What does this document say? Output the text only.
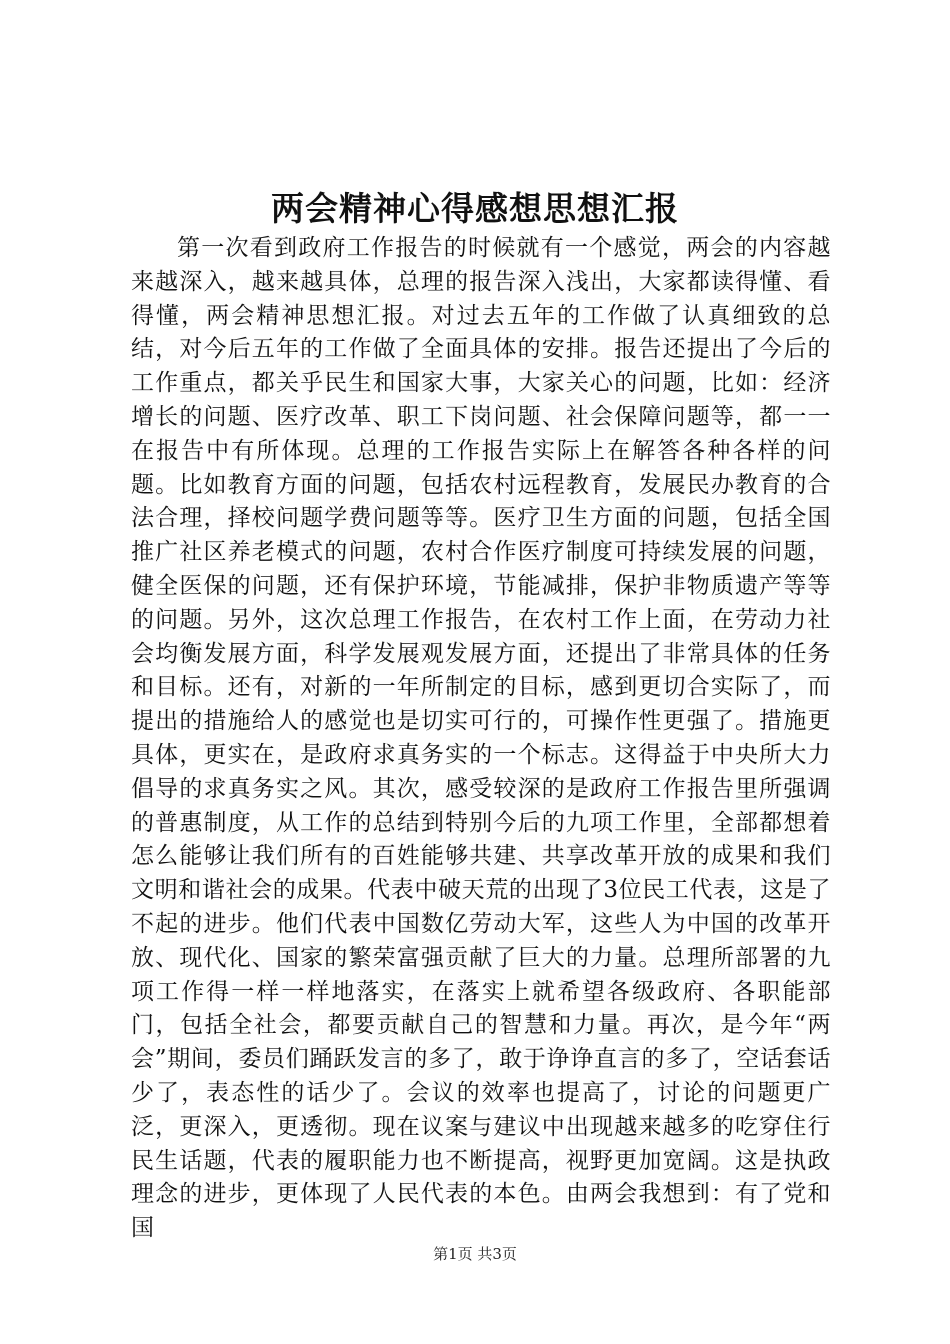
两会精神心得感想思想汇报

第一次看到政府工作报告的时候就有一个感觉，两会的内容越来越深入，越来越具体，总理的报告深入浅出，大家都读得懂、看得懂，两会精神思想汇报。对过去五年的工作做了认真细致的总结，对今后五年的工作做了全面具体的安排。报告还提出了今后的工作重点，都关乎民生和国家大事，大家关心的问题，比如：经济增长的问题、医疗改革、职工下岗问题、社会保障问题等，都一一在报告中有所体现。总理的工作报告实际上在解答各种各样的问题。比如教育方面的问题，包括农村远程教育，发展民办教育的合法合理，择校问题学费问题等等。医疗卫生方面的问题，包括全国推广社区养老模式的问题，农村合作医疗制度可持续发展的问题，健全医保的问题，还有保护环境，节能减排，保护非物质遗产等等的问题。另外，这次总理工作报告，在农村工作上面，在劳动力社会均衡发展方面，科学发展观发展方面，还提出了非常具体的任务和目标。还有，对新的一年所制定的目标，感到更切合实际了，而提出的措施给人的感觉也是切实可行的，可操作性更强了。措施更具体，更实在，是政府求真务实的一个标志。这得益于中央所大力倡导的求真务实之风。其次，感受较深的是政府工作报告里所强调的普惠制度，从工作的总结到特别今后的九项工作里，全部都想着怎么能够让我们所有的百姓能够共建、共享改革开放的成果和我们文明和谐社会的成果。代表中破天荒的出现了3位民工代表，这是了不起的进步。他们代表中国数亿劳动大军，这些人为中国的改革开放、现代化、国家的繁荣富强贡献了巨大的力量。总理所部署的九项工作得一样一样地落实，在落实上就希望各级政府、各职能部门，包括全社会，都要贡献自己的智慧和力量。再次，是今年“两会”期间，委员们踊跃发言的多了，敢于诤诤直言的多了，空话套话少了，表态性的话少了。会议的效率也提高了，讨论的问题更广泛，更深入，更透彻。现在议案与建议中出现越来越多的吃穿住行民生话题，代表的履职能力也不断提高，视野更加宽阔。这是执政理念的进步，更体现了人民代表的本色。由两会我想到：有了党和国

第1页 共3页
